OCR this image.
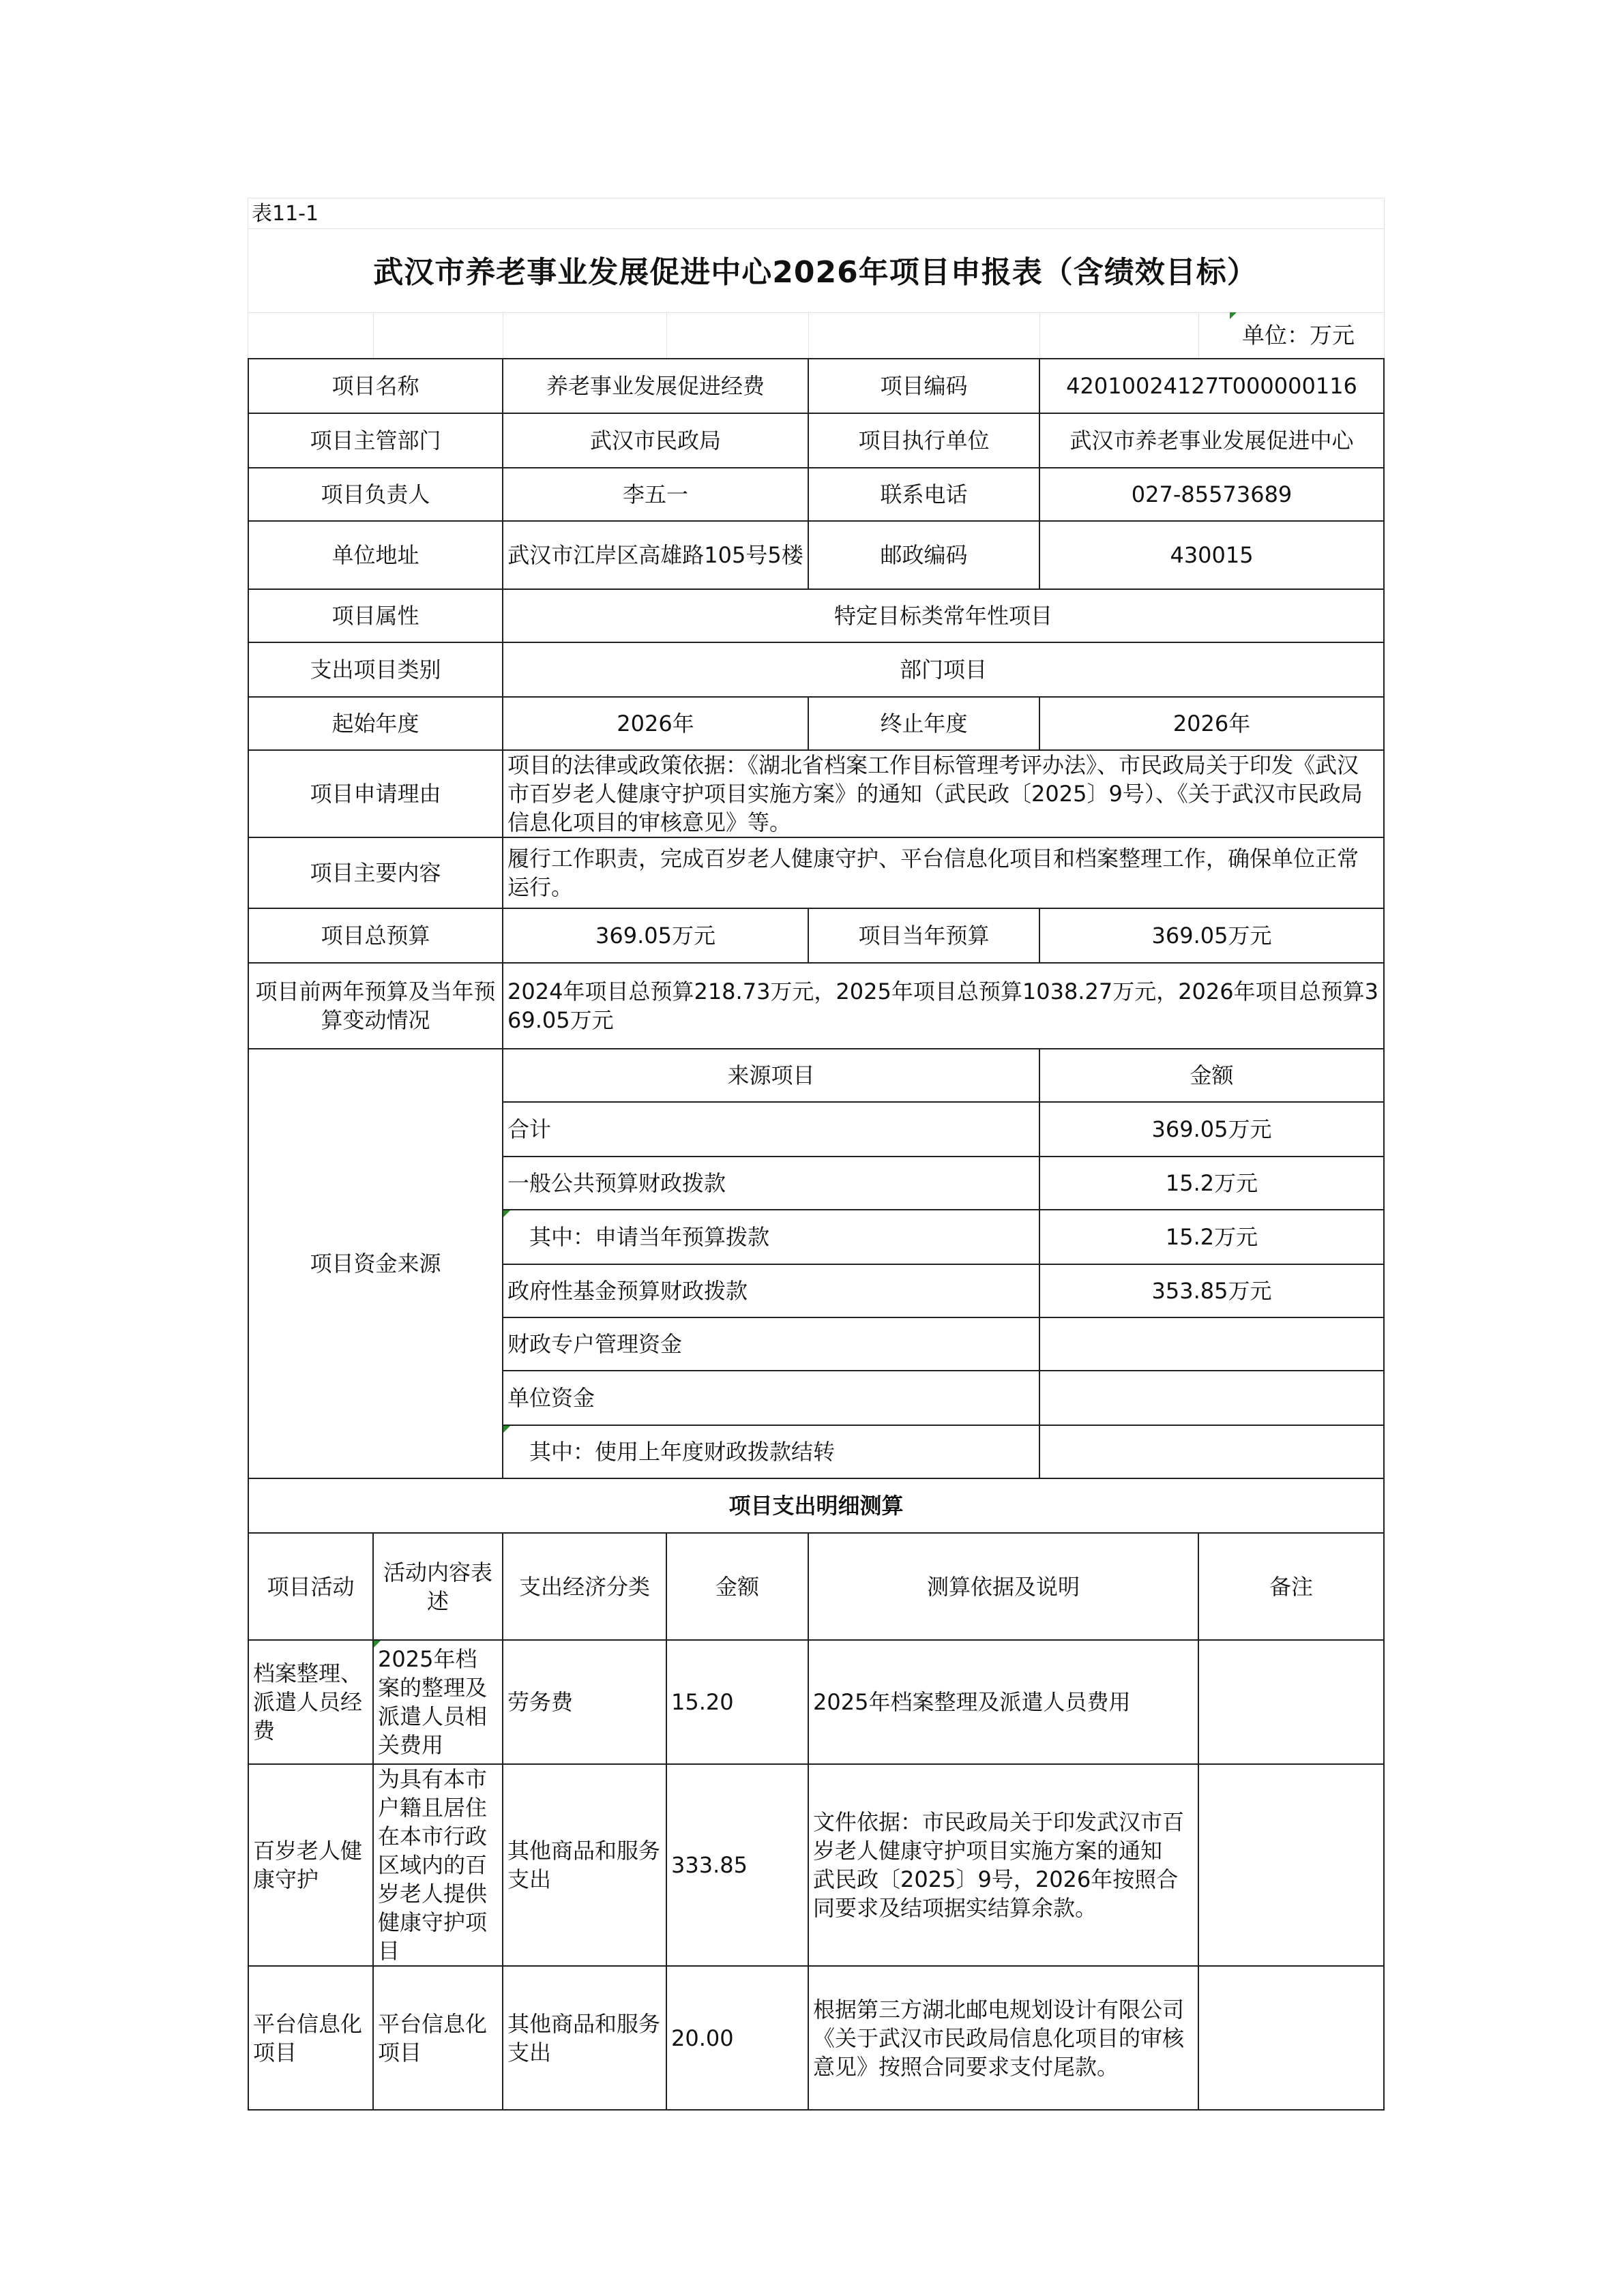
表11-1
武汉市养老事业发展促进中心2026年项目申报表（含绩效目标）
单位：万元
项目名称		养老事业发展促进经费		项目编码	42010024127T000000116	
项目主管部门		武汉市民政局		项目执行单位	武汉市养老事业发展促进中心	
项目负责人		李五一		联系电话	027-85573689	
单位地址		武汉市江岸区高雄路105号5楼		邮政编码	430015	
项目属性		特定目标类常年性项目				
支出项目类别		部门项目				
起始年度		2026年		终止年度	2026年	
项目申请理由		项目的法律或政策依据：《湖北省档案工作目标管理考评办法》、市民政局关于印发《武汉市百岁老人健康守护项目实施方案》的通知（武民政〔2025〕9号）、《关于武汉市民政局信息化项目的审核意见》等。				
项目主要内容		履行工作职责，完成百岁老人健康守护、平台信息化项目和档案整理工作，确保单位正常运行。				
项目总预算		369.05万元		项目当年预算	369.05万元	
项目前两年预算及当年预算变动情况		2024年项目总预算218.73万元，2025年项目总预算1038.27万元，2026年项目总预算369.05万元				
项目资金来源		来源项目			金额	
		合计			369.05万元	
		一般公共预算财政拨款			15.2万元	

其中：申请当年预算拨款			15.2万元	
		政府性基金预算财政拨款			353.85万元	
		财政专户管理资金				
		单位资金				

其中：使用上年度财政拨款结转				
项目支出明细测算						
项目活动	活动内容表述	支出经济分类	金额	测算依据及说明		备注
档案整理、派遣人员经费	2025年档案的整理及派遣人员相关费用	劳务费	15.20	2025年档案整理及派遣人员费用		
百岁老人健康守护	为具有本市户籍且居住在本市行政区域内的百岁老人提供健康守护项目	其他商品和服务支出	333.85	文件依据：市民政局关于印发武汉市百岁老人健康守护项目实施方案的通知　武民政〔2025〕9号，2026年按照合同要求及结项据实结算余款。		
平台信息化项目	平台信息化项目	其他商品和服务支出	20.00	根据第三方湖北邮电规划设计有限公司《关于武汉市民政局信息化项目的审核意见》按照合同要求支付尾款。		
